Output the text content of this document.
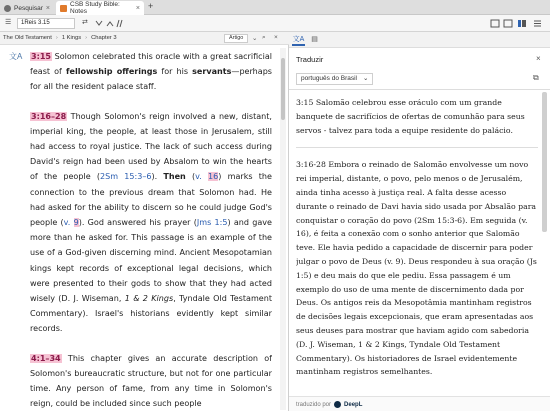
Pesquisar ×	CSB Study Bible: Notes	× +
☰	1Reis 3.15	⇄
The Old Testament › 1 Kings › Chapter 3	Artigo	⌄ ⌕ ×
文A 3:15 Solomon celebrated this oracle with a great sacrificial feast of fellowship offerings for his servants—perhaps for all the resident palace staff.

3:16–28 Though Solomon's reign involved a new, distant, imperial king, the people, at least those in Jerusalem, still had access to royal justice. The lack of such access during David's reign had been used by Absalom to win the hearts of the people (2Sm 15:3–6). Then (v. 16) marks the connection to the previous dream that Solomon had. He had asked for the ability to discern so he could judge God's people (v. 9). God answered his prayer (Jms 1:5) and gave more than he asked for. This passage is an example of the use of a God-given discerning mind. Ancient Mesopotamian kings kept records of exceptional legal decisions, which were presented to their gods to show that they had acted wisely (D. J. Wiseman, 1 & 2 Kings, Tyndale Old Testament Commentary). Israel's historians evidently kept similar records.

4:1–34 This chapter gives an accurate description of Solomon's bureaucratic structure, but not for one particular time. Any person of fame, from any time in Solomon's reign, could be included since such people

文A ▤
Traduzir	×
português do Brasil ⌄	⧉

3:15 Salomão celebrou esse oráculo com um grande banquete de sacrifícios de ofertas de comunhão para seus servos - talvez para toda a equipe residente do palácio.

3:16-28 Embora o reinado de Salomão envolvesse um novo rei imperial, distante, o povo, pelo menos o de Jerusalém, ainda tinha acesso à justiça real. A falta desse acesso durante o reinado de Davi havia sido usada por Absalão para conquistar o coração do povo (2Sm 15:3-6). Em seguida (v. 16), é feita a conexão com o sonho anterior que Salomão teve. Ele havia pedido a capacidade de discernir para poder julgar o povo de Deus (v. 9). Deus respondeu à sua oração (Js 1:5) e deu mais do que ele pediu. Essa passagem é um exemplo do uso de uma mente de discernimento dada por Deus. Os antigos reis da Mesopotâmia mantinham registros de decisões legais excepcionais, que eram apresentadas aos seus deuses para mostrar que haviam agido com sabedoria (D. J. Wiseman, 1 & 2 Kings, Tyndale Old Testament Commentary). Os historiadores de Israel evidentemente mantinham registros semelhantes.

traduzido por DeepL
